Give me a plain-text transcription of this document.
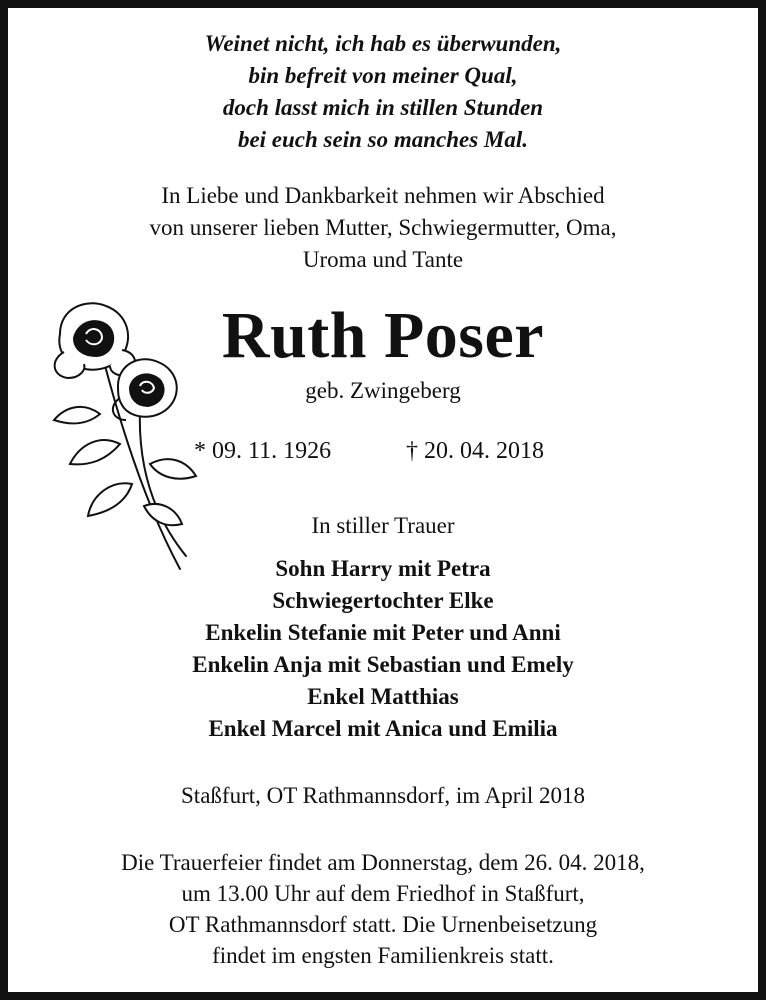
Weinet nicht, ich hab es überwunden,
bin befreit von meiner Qual,
doch lasst mich in stillen Stunden
bei euch sein so manches Mal.
In Liebe und Dankbarkeit nehmen wir Abschied
von unserer lieben Mutter, Schwiegermutter, Oma,
Uroma und Tante
Ruth Poser
geb. Zwingeberg
* 09. 11. 1926	† 20. 04. 2018
In stiller Trauer
Sohn Harry mit Petra
Schwiegertochter Elke
Enkelin Stefanie mit Peter und Anni
Enkelin Anja mit Sebastian und Emely
Enkel Matthias
Enkel Marcel mit Anica und Emilia
Staßfurt, OT Rathmannsdorf, im April 2018
Die Trauerfeier findet am Donnerstag, dem 26. 04. 2018,
um 13.00 Uhr auf dem Friedhof in Staßfurt,
OT Rathmannsdorf statt. Die Urnenbeisetzung
findet im engsten Familienkreis statt.
